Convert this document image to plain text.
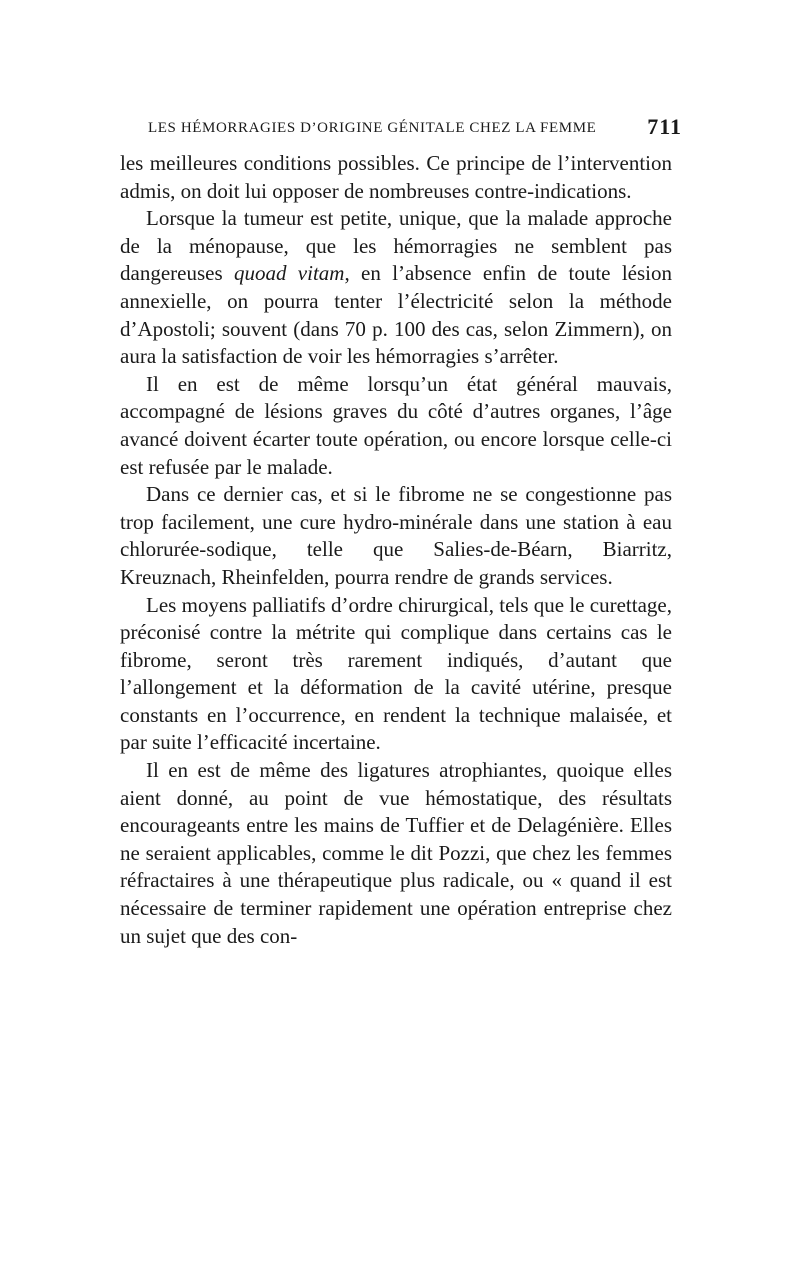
LES HÉMORRAGIES D’ORIGINE GÉNITALE CHEZ LA FEMME 711

les meilleures conditions possibles. Ce principe de l’intervention admis, on doit lui opposer de nombreuses contre-indications.

Lorsque la tumeur est petite, unique, que la malade approche de la ménopause, que les hémorragies ne semblent pas dangereuses quoad vitam, en l’absence enfin de toute lésion annexielle, on pourra tenter l’électricité selon la méthode d’Apostoli; souvent (dans 70 p. 100 des cas, selon Zimmern), on aura la satisfaction de voir les hémorragies s’arrêter.

Il en est de même lorsqu’un état général mauvais, accompagné de lésions graves du côté d’autres organes, l’âge avancé doivent écarter toute opération, ou encore lorsque celle-ci est refusée par le malade.

Dans ce dernier cas, et si le fibrome ne se congestionne pas trop facilement, une cure hydro-minérale dans une station à eau chlorurée-sodique, telle que Salies-de-Béarn, Biarritz, Kreuznach, Rheinfelden, pourra rendre de grands services.

Les moyens palliatifs d’ordre chirurgical, tels que le curettage, préconisé contre la métrite qui complique dans certains cas le fibrome, seront très rarement indiqués, d’autant que l’allongement et la déformation de la cavité utérine, presque constants en l’occurrence, en rendent la technique malaisée, et par suite l’efficacité incertaine.

Il en est de même des ligatures atrophiantes, quoique elles aient donné, au point de vue hémostatique, des résultats encourageants entre les mains de Tuffier et de Delagénière. Elles ne seraient applicables, comme le dit Pozzi, que chez les femmes réfractaires à une thérapeutique plus radicale, ou « quand il est nécessaire de terminer rapidement une opération entreprise chez un sujet que des con-
